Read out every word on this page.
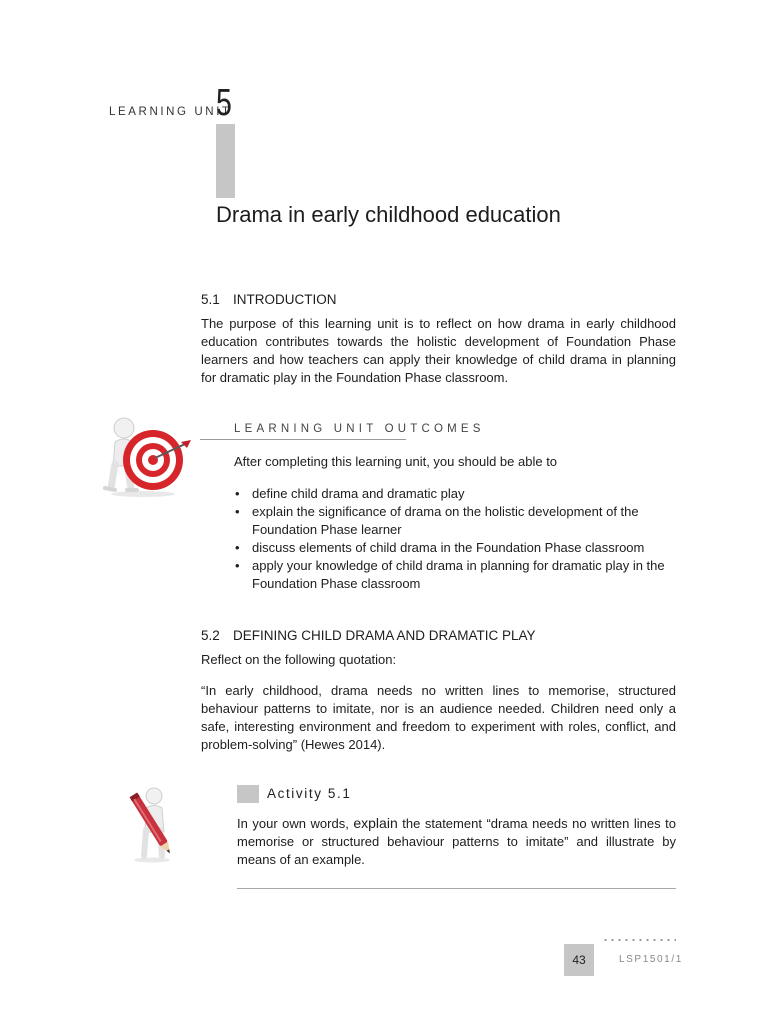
LEARNING UNIT
5
Drama in early childhood education
5.1 INTRODUCTION
The purpose of this learning unit is to reflect on how drama in early childhood education contributes towards the holistic development of Foundation Phase learners and how teachers can apply their knowledge of child drama in planning for dramatic play in the Foundation Phase classroom.
LEARNING UNIT OUTCOMES
After completing this learning unit, you should be able to
• define child drama and dramatic play
• explain the significance of drama on the holistic development of the Foundation Phase learner
• discuss elements of child drama in the Foundation Phase classroom
• apply your knowledge of child drama in planning for dramatic play in the Foundation Phase classroom
5.2 DEFINING CHILD DRAMA AND DRAMATIC PLAY
Reflect on the following quotation:
“In early childhood, drama needs no written lines to memorise, structured behaviour patterns to imitate, nor is an audience needed. Children need only a safe, interesting environment and freedom to experiment with roles, conflict, and problem-solving” (Hewes 2014).
Activity 5.1
In your own words, explain the statement “drama needs no written lines to memorise or structured behaviour patterns to imitate” and illustrate by means of an example.
43	LSP1501/1
